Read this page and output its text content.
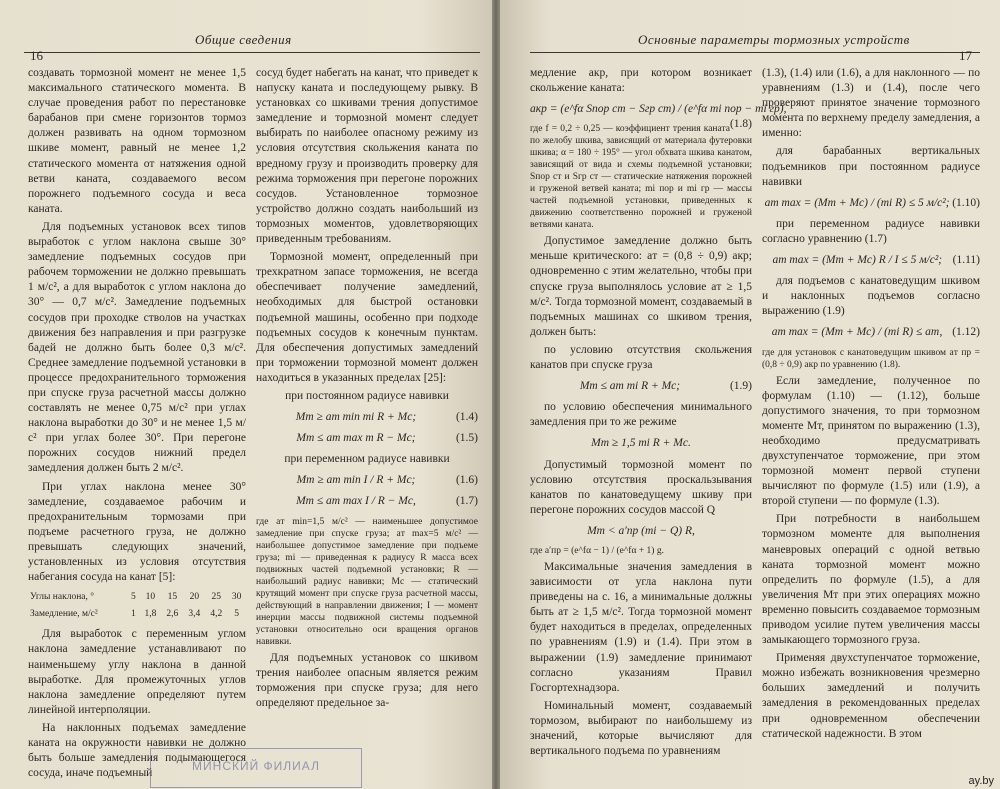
Общие сведения
16

создавать тормозной момент не менее 1,5 максимального статического момента. В случае проведения работ по перестановке барабанов при смене горизонтов тормоз должен развивать на одном тормозном шкиве момент, равный не менее 1,2 статического момента от натяжения одной ветви каната, создаваемого весом порожнего подъемного сосуда и веса каната.

Для подъемных установок всех типов выработок с углом наклона свыше 30° замедление подъемных сосудов при рабочем торможении не должно превышать 1 м/с², а для выработок с углом наклона до 30° — 0,7 м/с². Замедление подъемных сосудов при проходке стволов на участках движения без направления и при разгрузке бадей не должно быть более 0,3 м/с². Среднее замедление подъемной установки в процессе предохранительного торможения при спуске груза расчетной массы должно составлять не менее 0,75 м/с² при углах наклона выработки до 30° и не менее 1,5 м/с² при углах более 30°. При перегоне порожних сосудов нижний предел замедления должен быть 2 м/с².

При углах наклона менее 30° замедление, создаваемое рабочим и предохранительным тормозами при подъеме расчетного груза, не должно превышать следующих значений, установленных из условия отсутствия набегания сосуда на канат [5]:

Углы наклона, °	5	10	15	20	25	30
Замедление, м/с²	1	1,8	2,6	3,4	4,2	5

Для выработок с переменным углом наклона замедление устанавливают по наименьшему углу наклона в данной выработке. Для промежуточных углов наклона замедление определяют путем линейной интерполяции.

На наклонных подъемах замедление каната на окружности навивки не должно быть больше замедления подымающегося сосуда, иначе подъемный

сосуд будет набегать на канат, что приведет к напуску каната и последующему рывку. В установках со шкивами трения допустимое замедление и тормозной момент следует выбирать по наиболее опасному режиму из условия отсутствия скольжения каната по вредному грузу и производить проверку для режима торможения при перегоне порожних сосудов. Установленное тормозное устройство должно создать наибольший из тормозных моментов, удовлетворяющих приведенным требованиям.

Тормозной момент, определенный при трехкратном запасе торможения, не всегда обеспечивает получение замедлений, необходимых для быстрой остановки подъемной машины, особенно при подходе подъемных сосудов к конечным пунктам. Для обеспечения допустимых замедлений при торможении тормозной момент должен находиться в указанных пределах [25]:

при постоянном радиусе навивки

Mт ≥ aт min mi R + Mс;	(1.4)
Mт ≤ aт max m R − Mс;	(1.5)

при переменном радиусе навивки

Mт ≥ aт min I / R + Mс;	(1.6)
Mт ≤ aт max I / R − Mс,	(1.7)

где aт min=1,5 м/с² — наименьшее допустимое замедление при спуске груза; aт max=5 м/с² — наибольшее допустимое замедление при подъеме груза; mi — приведенная к радиусу R масса всех подвижных частей подъемной установки; R — наибольший радиус навивки; Mс — статический крутящий момент при спуске груза расчетной массы, действующий в направлении движения; I — момент инерции массы подвижной системы подъемной установки относительно оси вращения органов навивки.

Для подъемных установок со шкивом трения наиболее опасным является режим торможения при спуске груза; для него определяют предельное за-

МИНСКИЙ ФИЛИАЛ
Основные параметры тормозных устройств
17

медление aкр, при котором возникает скольжение каната:

aкр = (e^fα Sпор ст − Sгр ст) / (e^fα mi пор − mi гр),
(1.8)

где f = 0,2 ÷ 0,25 — коэффициент трения каната по желобу шкива, зависящий от материала футеровки шкива; α = 180 ÷ 195° — угол обхвата шкива канатом, зависящий от вида и схемы подъемной установки; Sпор ст и Sгр ст — статические натяжения порожней и груженой ветвей каната; mi пор и mi гр — массы частей подъемной установки, приведенных к движению соответственно порожней и груженой ветвями каната.

Допустимое замедление должно быть меньше критического: aт = (0,8 ÷ 0,9) aкр; одновременно с этим желательно, чтобы при спуске груза выполнялось условие aт ≥ 1,5 м/с². Тогда тормозной момент, создаваемый в подъемных машинах со шкивом трения, должен быть:

по условию отсутствия скольжения канатов при спуске груза

Mт ≤ aт mi R + Mс;	(1.9)

по условию обеспечения минимального замедления при то же режиме

Mт ≥ 1,5 mi R + Mс.

Допустимый тормозной момент по условию отсутствия проскальзывания канатов по канатоведущему шкиву при перегоне порожних сосудов массой Q

Mт < a′пр (mi − Q) R,

где a′пр = (e^fα − 1) / (e^fα + 1) g.

Максимальные значения замедления в зависимости от угла наклона пути приведены на с. 16, а минимальные должны быть aт ≥ 1,5 м/с². Тогда тормозной момент будет находиться в пределах, определенных по уравнениям (1.9) и (1.4). При этом в выражении (1.9) замедление принимают согласно указаниям Правил Госгортехнадзора.

Номинальный момент, создаваемый тормозом, выбирают по наибольшему из значений, которые вычисляют для вертикального подъема по уравнениям

(1.3), (1.4) или (1.6), а для наклонного — по уравнениям (1.3) и (1.4), после чего проверяют принятое значение тормозного момента по верхнему пределу замедления, а именно:

для барабанных вертикальных подъемников при постоянном радиусе навивки

aт max = (Mт + Mс) / (mi R) ≤ 5 м/с²; (1.10)

при переменном радиусе навивки согласно уравнению (1.7)

aт max = (Mт + Mс) R / I ≤ 5 м/с²; (1.11)

для подъемов с канатоведущим шкивом и наклонных подъемов согласно выражению (1.9)

aт max = (Mт + Mс) / (mi R) ≤ aт, (1.12)

где для установок с канатоведущим шкивом aт пр = (0,8 ÷ 0,9) aкр по уравнению (1.8).

Если замедление, полученное по формулам (1.10) — (1.12), больше допустимого значения, то при тормозном моменте Mт, принятом по выражению (1.3), необходимо предусматривать двухступенчатое торможение, при этом тормозной момент первой ступени вычисляют по формуле (1.5) или (1.9), а второй ступени — по формуле (1.3).

При потребности в наибольшем тормозном моменте для выполнения маневровых операций с одной ветвью каната тормозной момент можно определить по формуле (1.5), а для увеличения Mт при этих операциях можно временно повысить создаваемое тормозным приводом усилие путем увеличения массы замыкающего тормозного груза.

Применяя двухступенчатое торможение, можно избежать возникновения чрезмерно больших замедлений и получить замедления в рекомендованных пределах при одновременном обеспечении статической надежности. В этом

ay.by
